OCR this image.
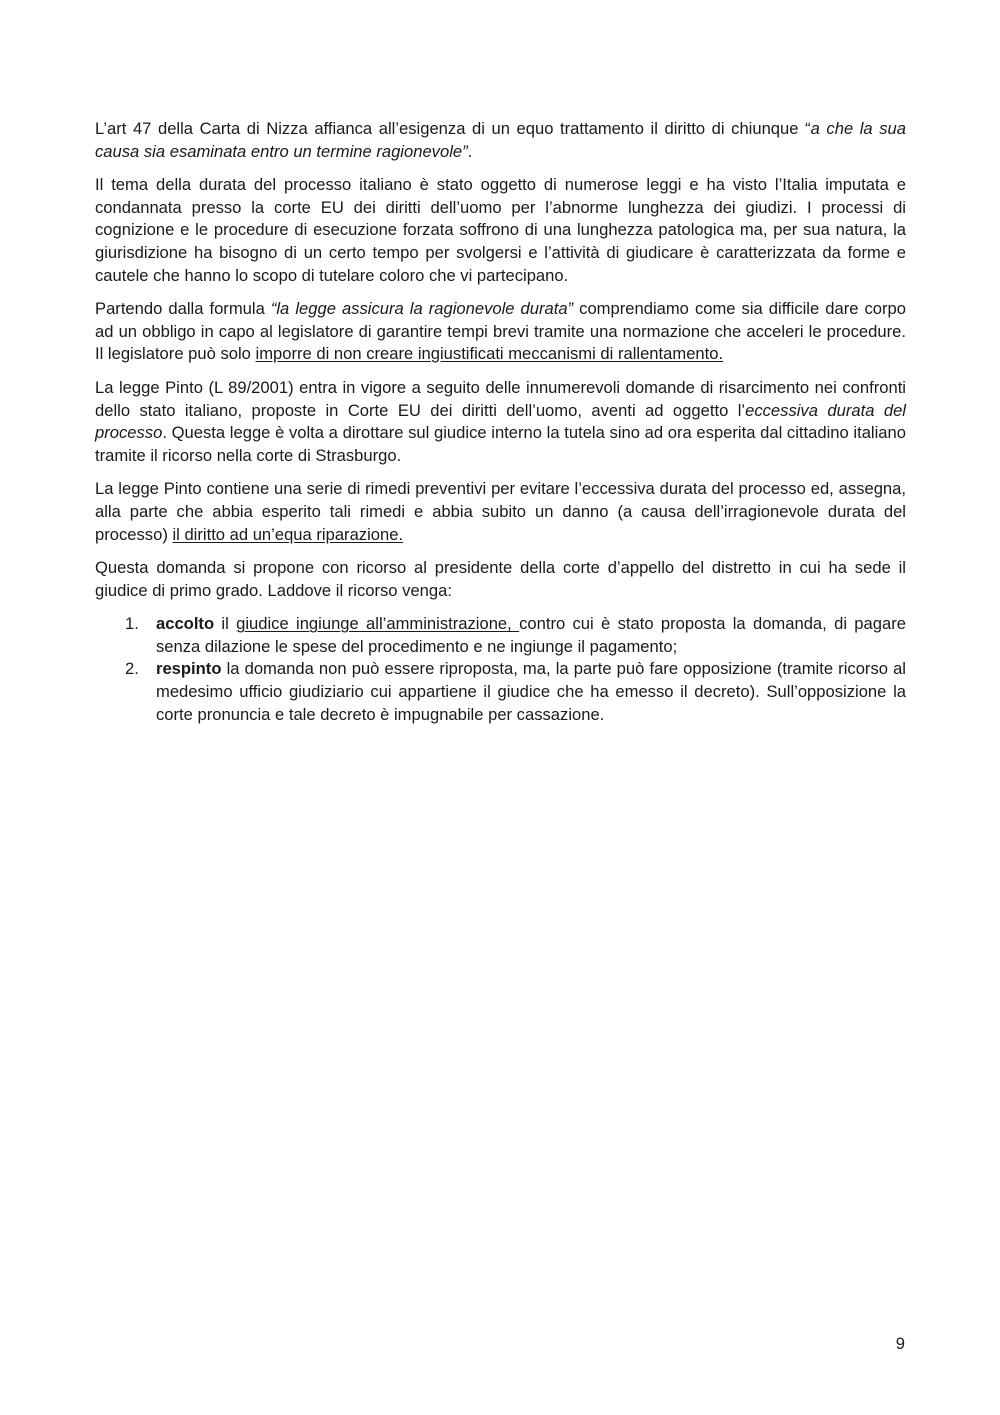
L’art 47 della Carta di Nizza affianca all’esigenza di un equo trattamento il diritto di chiunque “a che la sua causa sia esaminata entro un termine ragionevole”.

Il tema della durata del processo italiano è stato oggetto di numerose leggi e ha visto l’Italia imputata e condannata presso la corte EU dei diritti dell’uomo per l’abnorme lunghezza dei giudizi. I processi di cognizione e le procedure di esecuzione forzata soffrono di una lunghezza patologica ma, per sua natura, la giurisdizione ha bisogno di un certo tempo per svolgersi e l’attività di giudicare è caratterizzata da forme e cautele che hanno lo scopo di tutelare coloro che vi partecipano.

Partendo dalla formula “la legge assicura la ragionevole durata” comprendiamo come sia difficile dare corpo ad un obbligo in capo al legislatore di garantire tempi brevi tramite una normazione che acceleri le procedure. Il legislatore può solo imporre di non creare ingiustificati meccanismi di rallentamento.

La legge Pinto (L 89/2001) entra in vigore a seguito delle innumerevoli domande di risarcimento nei confronti dello stato italiano, proposte in Corte EU dei diritti dell’uomo, aventi ad oggetto l’eccessiva durata del processo. Questa legge è volta a dirottare sul giudice interno la tutela sino ad ora esperita dal cittadino italiano tramite il ricorso nella corte di Strasburgo.

La legge Pinto contiene una serie di rimedi preventivi per evitare l’eccessiva durata del processo ed, assegna, alla parte che abbia esperito tali rimedi e abbia subito un danno (a causa dell’irragionevole durata del processo) il diritto ad un’equa riparazione.

Questa domanda si propone con ricorso al presidente della corte d’appello del distretto in cui ha sede il giudice di primo grado. Laddove il ricorso venga:

1. accolto il giudice ingiunge all’amministrazione, contro cui è stato proposta la domanda, di pagare senza dilazione le spese del procedimento e ne ingiunge il pagamento;
2. respinto la domanda non può essere riproposta, ma, la parte può fare opposizione (tramite ricorso al medesimo ufficio giudiziario cui appartiene il giudice che ha emesso il decreto). Sull’opposizione la corte pronuncia e tale decreto è impugnabile per cassazione.
9
